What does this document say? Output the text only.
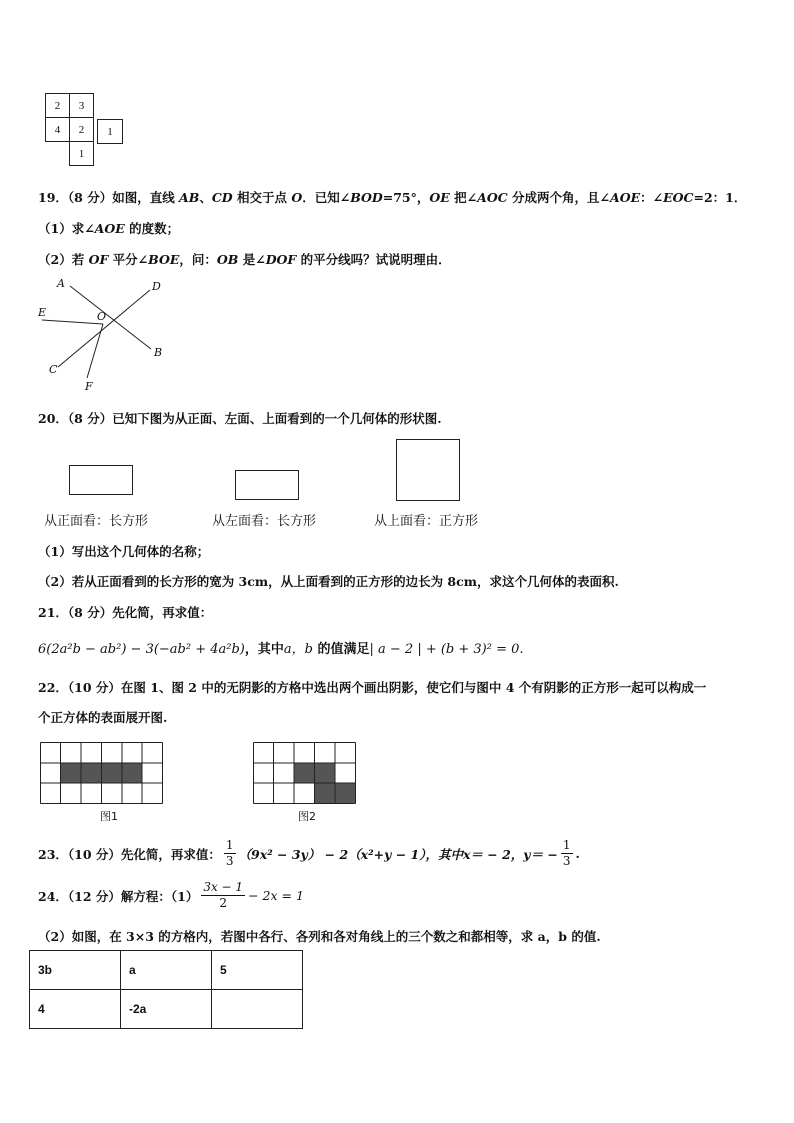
2	3
4	2	1
1
19．（8 分）如图，直线 AB、CD 相交于点 O．已知∠BOD=75°，OE 把∠AOC 分成两个角，且∠AOE：∠EOC=2：1．
（1）求∠AOE 的度数；
（2）若 OF 平分∠BOE，问：OB 是∠DOF 的平分线吗？试说明理由．
A	D
E	O
B
C
F
20．（8 分）已知下图为从正面、左面、上面看到的一个几何体的形状图.
从正面看：长方形	从左面看：长方形	从上面看：正方形
（1）写出这个几何体的名称；
（2）若从正面看到的长方形的宽为 3cm，从上面看到的正方形的边长为 8cm，求这个几何体的表面积.
21．（8 分）先化简，再求值：
6(2a²b − ab²) − 3(−ab² + 4a²b)，其中a，b 的值满足| a − 2 | + (b + 3)² = 0.
22．（10 分）在图 1、图 2 中的无阴影的方格中选出两个画出阴影，使它们与图中 4 个有阴影的正方形一起可以构成一
个正方体的表面展开图.
图1	图2
23．（10 分）先化简，再求值： $\frac{1}{3} (9x^2 - 3y) - 2(x^2+y - 1)$，其中 x＝ − 2，$y= - \frac{1}{3}$ .
24．（12 分）解方程：$(1) \frac{3x - 1}{2} - 2x = 1$
（2）如图，在 3×3 的方格内，若图中各行、各列和各对角线上的三个数之和都相等，求 a，b 的值.
3b	a	5
4	-2a	
